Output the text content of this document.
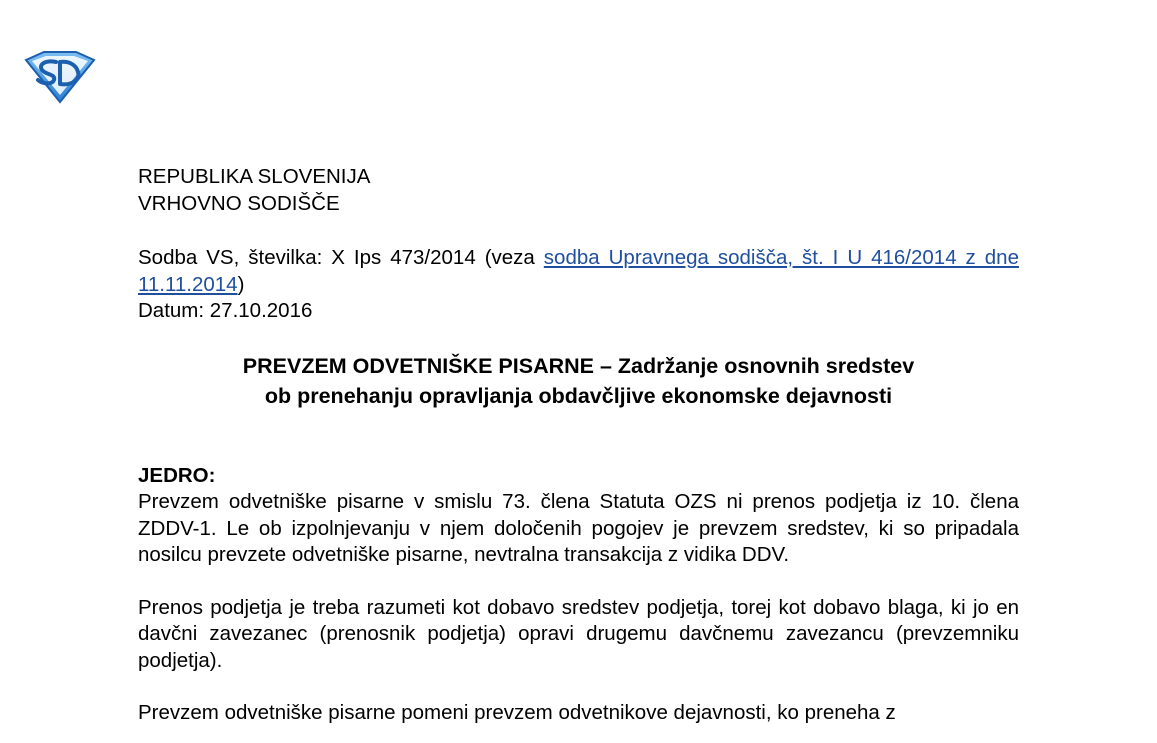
REPUBLIKA SLOVENIJA
VRHOVNO SODIŠČE
Sodba VS, številka: X Ips 473/2014 (veza sodba Upravnega sodišča, št. I U 416/2014 z dne 11.11.2014)
Datum: 27.10.2016
PREVZEM ODVETNIŠKE PISARNE – Zadržanje osnovnih sredstev
ob prenehanju opravljanja obdavčljive ekonomske dejavnosti
JEDRO:

Prevzem odvetniške pisarne v smislu 73. člena Statuta OZS ni prenos podjetja iz 10. člena ZDDV-1. Le ob izpolnjevanju v njem določenih pogojev je prevzem sredstev, ki so pripadala nosilcu prevzete odvetniške pisarne, nevtralna transakcija z vidika DDV.

Prenos podjetja je treba razumeti kot dobavo sredstev podjetja, torej kot dobavo blaga, ki jo en davčni zavezanec (prenosnik podjetja) opravi drugemu davčnemu zavezancu (prevzemniku podjetja).

Prevzem odvetniške pisarne pomeni prevzem odvetnikove dejavnosti, ko preneha z
